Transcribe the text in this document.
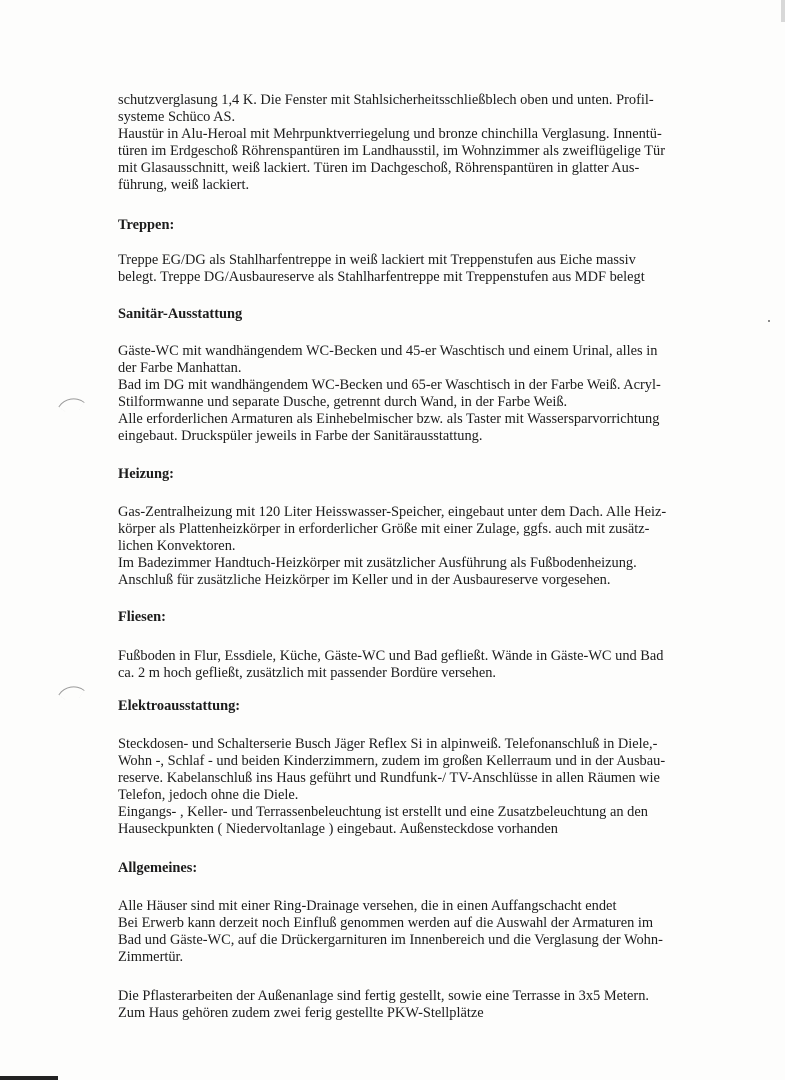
schutzverglasung 1,4 K. Die Fenster mit Stahlsicherheitsschließblech oben und unten. Profil-

systeme Schüco AS.

Haustür in Alu-Heroal mit Mehrpunktverriegelung und bronze chinchilla Verglasung. Innentü-

türen im Erdgeschoß Röhrenspantüren im Landhausstil, im Wohnzimmer als zweiflügelige Tür

mit Glasausschnitt, weiß lackiert. Türen im Dachgeschoß, Röhrenspantüren in glatter Aus-

führung, weiß lackiert.

Treppen:

Treppe EG/DG als Stahlharfentreppe in weiß lackiert mit Treppenstufen aus Eiche massiv

belegt. Treppe DG/Ausbaureserve als Stahlharfentreppe mit Treppenstufen aus MDF belegt

Sanitär-Ausstattung

Gäste-WC mit wandhängendem WC-Becken und 45-er Waschtisch und einem Urinal, alles in

der Farbe Manhattan.

Bad im DG mit wandhängendem WC-Becken und 65-er Waschtisch in der Farbe Weiß. Acryl-

Stilformwanne und separate Dusche, getrennt durch Wand, in der Farbe Weiß.

Alle erforderlichen Armaturen als Einhebelmischer bzw. als Taster mit Wassersparvorrichtung

eingebaut. Druckspüler jeweils in Farbe der Sanitärausstattung.

Heizung:

Gas-Zentralheizung mit 120 Liter Heisswasser-Speicher, eingebaut unter dem Dach. Alle Heiz-

körper als Plattenheizkörper in erforderlicher Größe mit einer Zulage, ggfs. auch mit zusätz-

lichen Konvektoren.

Im Badezimmer Handtuch-Heizkörper mit zusätzlicher Ausführung als Fußbodenheizung.

Anschluß für zusätzliche Heizkörper im Keller und in der Ausbaureserve vorgesehen.

Fliesen:

Fußboden in Flur, Essdiele, Küche, Gäste-WC und Bad gefließt. Wände in Gäste-WC und Bad

ca. 2 m hoch gefließt, zusätzlich mit passender Bordüre versehen.

Elektroausstattung:

Steckdosen- und Schalterserie Busch Jäger Reflex Si in alpinweiß. Telefonanschluß in Diele,-

Wohn -, Schlaf - und beiden Kinderzimmern, zudem im großen Kellerraum und in der Ausbau-

reserve. Kabelanschluß ins Haus geführt und Rundfunk-/ TV-Anschlüsse in allen Räumen wie

Telefon, jedoch ohne die Diele.

Eingangs- , Keller- und Terrassenbeleuchtung ist erstellt und eine Zusatzbeleuchtung an den

Hauseckpunkten ( Niedervoltanlage ) eingebaut. Außensteckdose vorhanden

Allgemeines:

Alle Häuser sind mit einer Ring-Drainage versehen, die in einen Auffangschacht endet

Bei Erwerb kann derzeit noch Einfluß genommen werden auf die Auswahl der Armaturen im

Bad und Gäste-WC, auf die Drückergarnituren im Innenbereich und die Verglasung der Wohn-

Zimmertür.

Die Pflasterarbeiten der Außenanlage sind fertig gestellt, sowie eine Terrasse in 3x5 Metern.

Zum Haus gehören zudem zwei ferig gestellte PKW-Stellplätze
